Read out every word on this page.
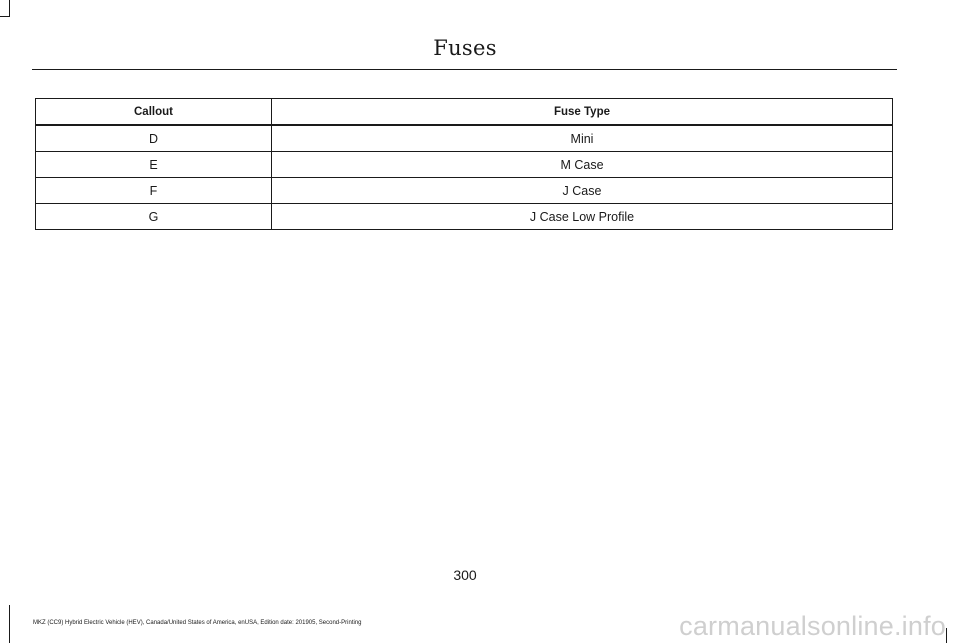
Fuses
Callout	Fuse Type
D	Mini
E	M Case
F	J Case
G	J Case Low Profile
300
MKZ (CC9) Hybrid Electric Vehicle (HEV), Canada/United States of America, enUSA, Edition date: 201905, Second-Printing	carmanualsonline.info
